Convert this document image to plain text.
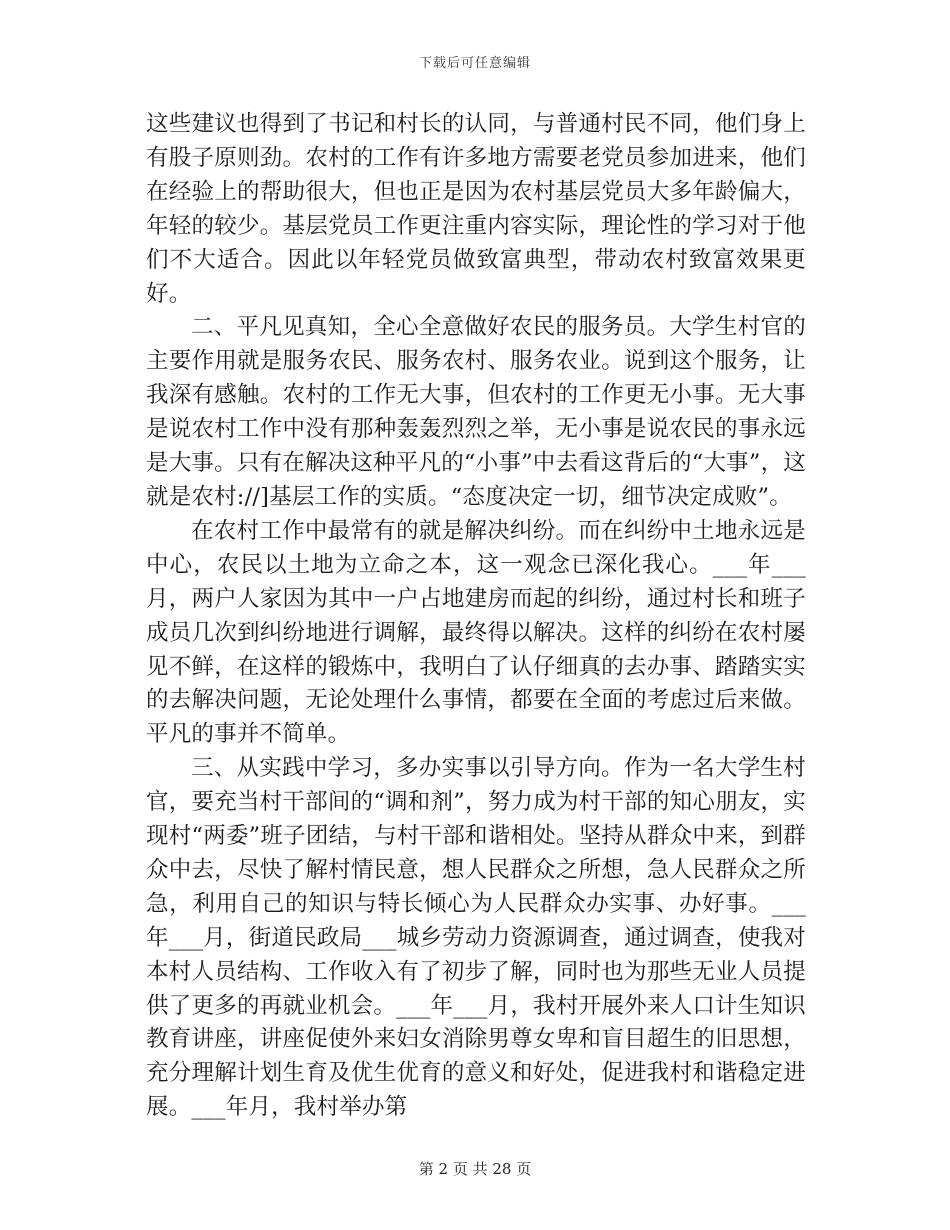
下载后可任意编辑

这些建议也得到了书记和村长的认同，与普通村民不同，他们身上有股子原则劲。农村的工作有许多地方需要老党员参加进来，他们在经验上的帮助很大，但也正是因为农村基层党员大多年龄偏大，年轻的较少。基层党员工作更注重内容实际，理论性的学习对于他们不大适合。因此以年轻党员做致富典型，带动农村致富效果更好。

二、平凡见真知，全心全意做好农民的服务员。大学生村官的主要作用就是服务农民、服务农村、服务农业。说到这个服务，让我深有感触。农村的工作无大事，但农村的工作更无小事。无大事是说农村工作中没有那种轰轰烈烈之举，无小事是说农民的事永远是大事。只有在解决这种平凡的“小事”中去看这背后的“大事”，这就是农村://]基层工作的实质。“态度决定一切，细节决定成败”。

在农村工作中最常有的就是解决纠纷。而在纠纷中土地永远是中心，农民以土地为立命之本，这一观念已深化我心。___年___月，两户人家因为其中一户占地建房而起的纠纷，通过村长和班子成员几次到纠纷地进行调解，最终得以解决。这样的纠纷在农村屡见不鲜，在这样的锻炼中，我明白了认仔细真的去办事、踏踏实实的去解决问题，无论处理什么事情，都要在全面的考虑过后来做。平凡的事并不简单。

三、从实践中学习，多办实事以引导方向。作为一名大学生村官，要充当村干部间的“调和剂”，努力成为村干部的知心朋友，实现村“两委”班子团结，与村干部和谐相处。坚持从群众中来，到群众中去，尽快了解村情民意，想人民群众之所想，急人民群众之所急，利用自己的知识与特长倾心为人民群众办实事、办好事。___年___月，街道民政局___城乡劳动力资源调查，通过调查，使我对本村人员结构、工作收入有了初步了解，同时也为那些无业人员提供了更多的再就业机会。___年___月，我村开展外来人口计生知识教育讲座，讲座促使外来妇女消除男尊女卑和盲目超生的旧思想，充分理解计划生育及优生优育的意义和好处，促进我村和谐稳定进展。___年月，我村举办第

第 2 页 共 28 页
